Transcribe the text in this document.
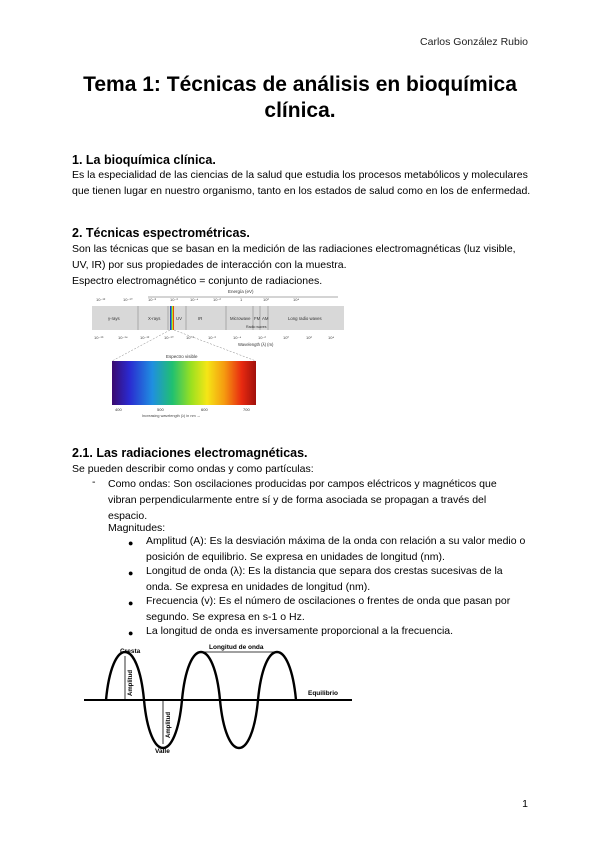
Carlos González Rubio
Tema 1: Técnicas de análisis en bioquímica clínica.
1. La bioquímica clínica.
Es la especialidad de las ciencias de la salud que estudia los procesos metabólicos y moleculares que tienen lugar en nuestro organismo, tanto en los estados de salud como en los de enfermedad.
2. Técnicas espectrométricas.
Son las técnicas que se basan en la medición de las radiaciones electromagnéticas (luz visible, UV, IR) por sus propiedades de interacción con la muestra.
Espectro electromagnético = conjunto de radiaciones.
Energía (eV)
10⁻¹²	10⁻¹⁰	10⁻⁸	10⁻⁶	10⁻⁴	10⁻²	1	10²	10⁴
γ-rays	X-rays	UV	IR	Microwave FM AM	Long radio waves
Radio waves
10⁻¹⁶	10⁻¹⁴	10⁻¹²	10⁻¹⁰	10⁻⁸	10⁻⁶	10⁻⁴	10⁻²	10⁰	10²	10⁴
Wavelength (λ) (m)
Espectro visible
400	500	600	700
Increasing wavelength (λ) in nm →
2.1. Las radiaciones electromagnéticas.
Se pueden describir como ondas y como partículas:
- Como ondas: Son oscilaciones producidas por campos eléctricos y magnéticos que vibran perpendicularmente entre sí y de forma asociada se propagan a través del espacio.
Magnitudes:
● Amplitud (A): Es la desviación máxima de la onda con relación a su valor medio o posición de equilibrio. Se expresa en unidades de longitud (nm).
● Longitud de onda (λ): Es la distancia que separa dos crestas sucesivas de la onda. Se expresa en unidades de longitud (nm).
● Frecuencia (v): Es el número de oscilaciones o frentes de onda que pasan por segundo. Se expresa en s-1 o Hz.
● La longitud de onda es inversamente proporcional a la frecuencia.
Cresta
Longitud de onda
Equilibrio
Valle
Amplitud
Amplitud
1
